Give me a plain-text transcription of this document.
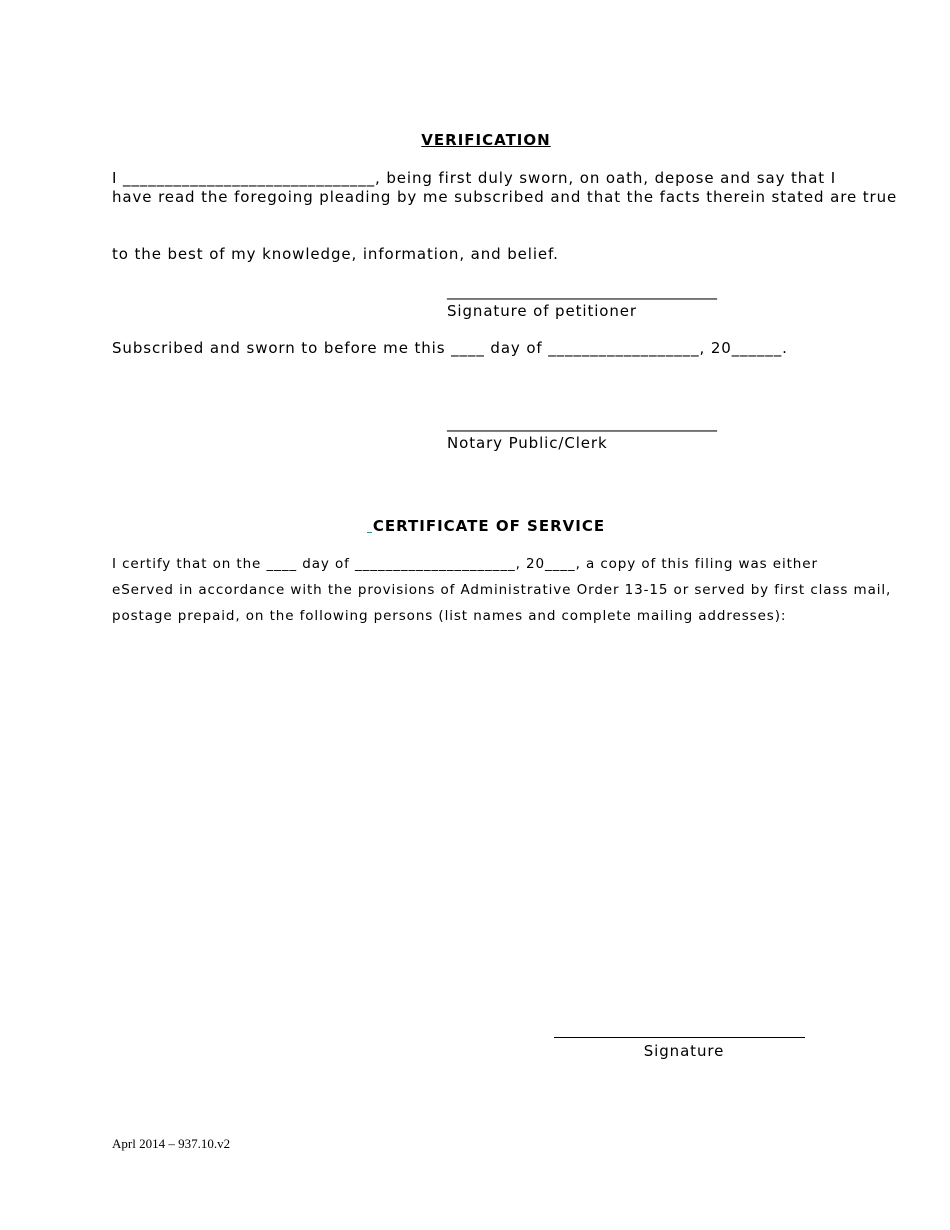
VERIFICATION
I ______________________________, being first duly sworn, on oath, depose and say that I
have read the foregoing pleading by me subscribed and that the facts therein stated are true
to the best of my knowledge, information, and belief.
____________________________________
Signature of petitioner
Subscribed and sworn to before me this ____ day of __________________, 20______.
____________________________________
Notary Public/Clerk
CERTIFICATE OF SERVICE
I certify that on the ____ day of _____________________, 20____, a copy of this filing was either
eServed in accordance with the provisions of Administrative Order 13-15 or served by first class mail,
postage prepaid, on the following persons (list names and complete mailing addresses):
Signature
Aprl 2014 – 937.10.v2
